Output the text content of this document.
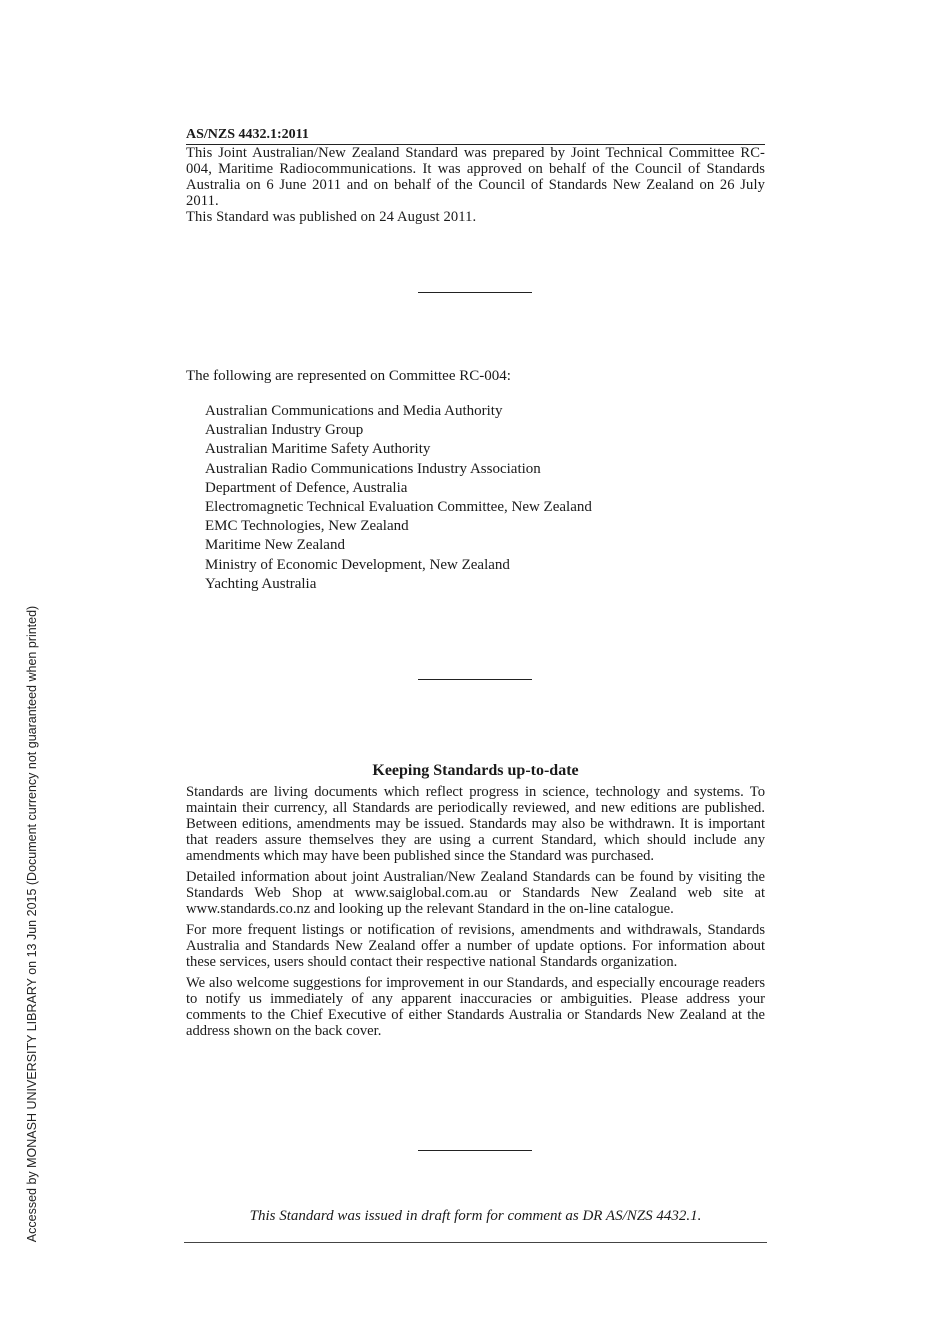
Accessed by MONASH UNIVERSITY LIBRARY on 13 Jun 2015 (Document currency not guaranteed when printed)
AS/NZS 4432.1:2011

This Joint Australian/New Zealand Standard was prepared by Joint Technical Committee RC-004, Maritime Radiocommunications. It was approved on behalf of the Council of Standards Australia on 6 June 2011 and on behalf of the Council of Standards New Zealand on 26 July 2011.

This Standard was published on 24 August 2011.

The following are represented on Committee RC-004:
Australian Communications and Media Authority
Australian Industry Group
Australian Maritime Safety Authority
Australian Radio Communications Industry Association
Department of Defence, Australia
Electromagnetic Technical Evaluation Committee, New Zealand
EMC Technologies, New Zealand
Maritime New Zealand
Ministry of Economic Development, New Zealand
Yachting Australia
Keeping Standards up-to-date

Standards are living documents which reflect progress in science, technology and systems. To maintain their currency, all Standards are periodically reviewed, and new editions are published. Between editions, amendments may be issued. Standards may also be withdrawn. It is important that readers assure themselves they are using a current Standard, which should include any amendments which may have been published since the Standard was purchased.

Detailed information about joint Australian/New Zealand Standards can be found by visiting the Standards Web Shop at www.saiglobal.com.au or Standards New Zealand web site at www.standards.co.nz and looking up the relevant Standard in the on-line catalogue.

For more frequent listings or notification of revisions, amendments and withdrawals, Standards Australia and Standards New Zealand offer a number of update options. For information about these services, users should contact their respective national Standards organization.

We also welcome suggestions for improvement in our Standards, and especially encourage readers to notify us immediately of any apparent inaccuracies or ambiguities. Please address your comments to the Chief Executive of either Standards Australia or Standards New Zealand at the address shown on the back cover.

This Standard was issued in draft form for comment as DR AS/NZS 4432.1.
